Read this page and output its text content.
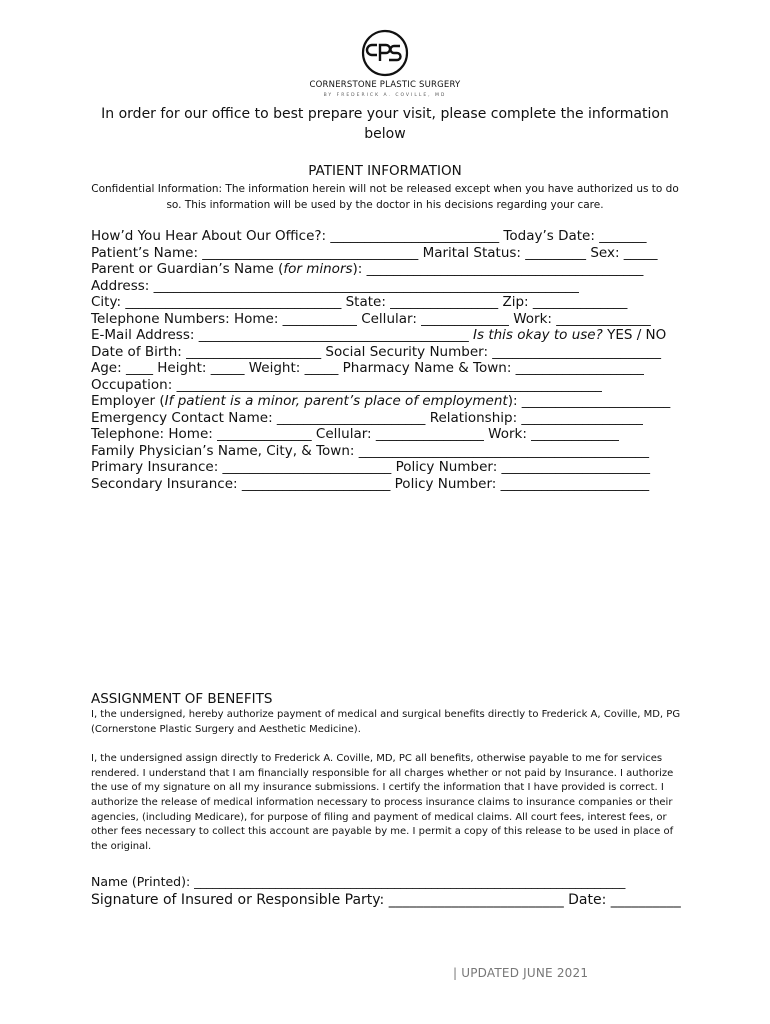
CORNERSTONE PLASTIC SURGERY
BY FREDERICK A. COVILLE, MD
In order for our office to best prepare your visit, please complete the information below
PATIENT INFORMATION
Confidential Information: The information herein will not be released except when you have authorized us to do so. This information will be used by the doctor in his decisions regarding your care.

How’d You Hear About Our Office?: _________________________ Today’s Date: _______

Patient’s Name: ________________________________ Marital Status: _________ Sex: _____

Parent or Guardian’s Name (for minors): _________________________________________

Address: _______________________________________________________________

City: ________________________________ State: ________________ Zip: ______________

Telephone Numbers: Home: ___________ Cellular: _____________ Work: ______________

E-Mail Address: ________________________________________ Is this okay to use? YES / NO

Date of Birth: ____________________ Social Security Number: _________________________

Age: ____ Height: _____ Weight: _____ Pharmacy Name & Town: ___________________

Occupation: _______________________________________________________________

Employer (If patient is a minor, parent’s place of employment): ______________________

Emergency Contact Name: ______________________ Relationship: __________________

Telephone: Home: ______________ Cellular: ________________ Work: _____________

Family Physician’s Name, City, & Town: ___________________________________________

Primary Insurance: _________________________ Policy Number: ______________________

Secondary Insurance: ______________________ Policy Number: ______________________

ASSIGNMENT OF BENEFITS

I, the undersigned, hereby authorize payment of medical and surgical benefits directly to Frederick A, Coville, MD, PG (Cornerstone Plastic Surgery and Aesthetic Medicine).

I, the undersigned assign directly to Frederick A. Coville, MD, PC all benefits, otherwise payable to me for services rendered. I understand that I am financially responsible for all charges whether or not paid by Insurance. I authorize the use of my signature on all my insurance submissions. I certify the information that I have provided is correct. I authorize the release of medical information necessary to process insurance claims to insurance companies or their agencies, (including Medicare), for purpose of filing and payment of medical claims. All court fees, interest fees, or other fees necessary to collect this account are payable by me. I permit a copy of this release to be used in place of the original.

Name (Printed): _____________________________________________________________________

Signature of Insured or Responsible Party: _________________________ Date: __________

| UPDATED JUNE 2021
